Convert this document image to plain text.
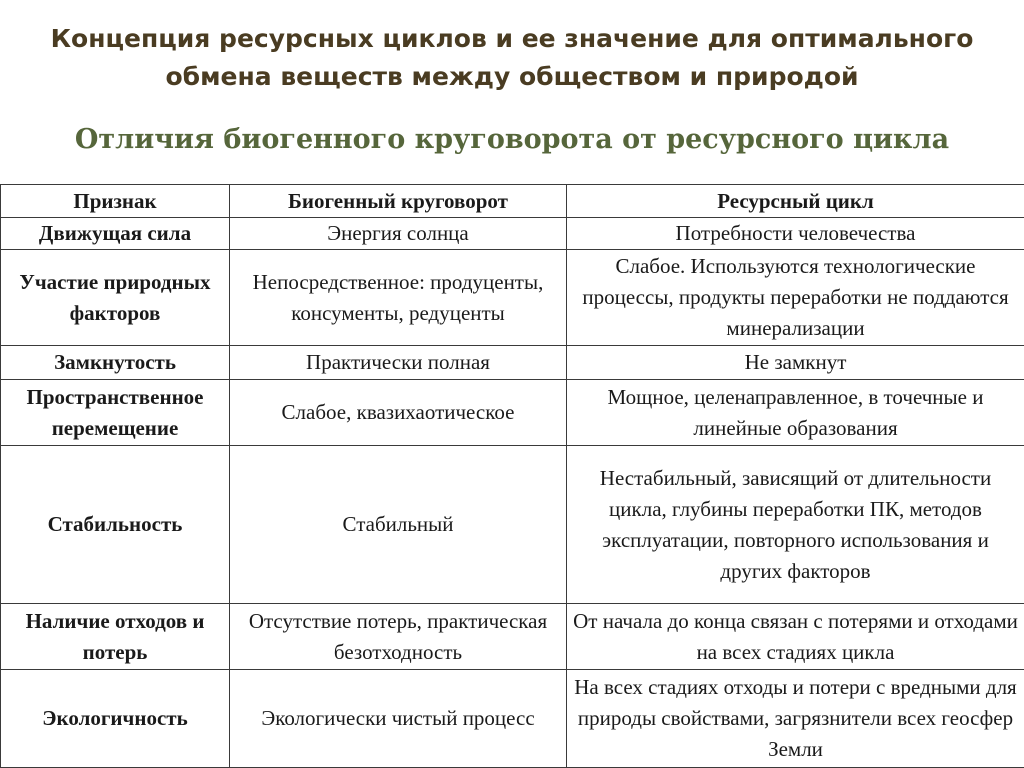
Концепция ресурсных циклов и ее значение для оптимального обмена веществ между обществом и природой
Отличия биогенного круговорота от ресурсного цикла
Признак	Биогенный круговорот	Ресурсный цикл
Движущая сила	Энергия солнца	Потребности человечества
Участие природных факторов	Непосредственное: продуценты, консументы, редуценты	Слабое. Используются технологические процессы, продукты переработки не поддаются минерализации
Замкнутость	Практически полная	Не замкнут
Пространственное перемещение	Слабое, квазихаотическое	Мощное, целенаправленное, в точечные и линейные образования
Стабильность	Стабильный	Нестабильный, зависящий от длительности цикла, глубины переработки ПК, методов эксплуатации, повторного использования и других факторов
Наличие отходов и потерь	Отсутствие потерь, практическая безотходность	От начала до конца связан с потерями и отходами на всех стадиях цикла
Экологичность	Экологически чистый процесс	На всех стадиях отходы и потери с вредными для природы свойствами, загрязнители всех геосфер Земли
